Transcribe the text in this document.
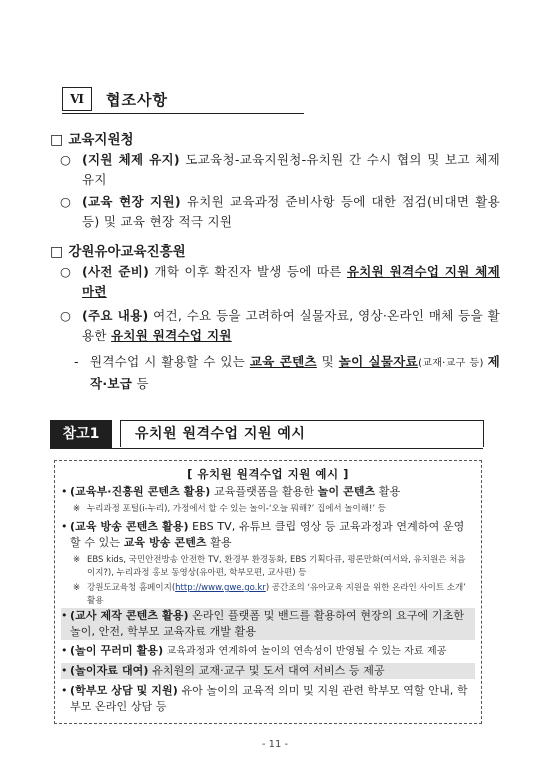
Ⅵ	협조사항
□ 교육지원청
○ (지원 체제 유지) 도교육청-교육지원청-유치원 간 수시 협의 및 보고 체제 유지
○ (교육 현장 지원) 유치원 교육과정 준비사항 등에 대한 점검(비대면 활용 등) 및 교육 현장 적극 지원
□ 강원유아교육진흥원
○ (사전 준비) 개학 이후 확진자 발생 등에 따른 유치원 원격수업 지원 체제 마련
○ (주요 내용) 여건, 수요 등을 고려하여 실물자료, 영상·온라인 매체 등을 활용한 유치원 원격수업 지원
- 원격수업 시 활용할 수 있는 교육 콘텐츠 및 놀이 실물자료(교재·교구 등) 제작·보급 등
참고1	유치원 원격수업 지원 예시
[ 유치원 원격수업 지원 예시 ]
• (교육부·진흥원 콘텐츠 활용) 교육플랫폼을 활용한 놀이 콘텐츠 활용
※ 누리과정 포털(i-누리), 가정에서 할 수 있는 놀이-‘오늘 뭐해?’ 집에서 놀이해!’ 등
• (교육 방송 콘텐츠 활용) EBS TV, 유튜브 클립 영상 등 교육과정과 연계하여 운영할 수 있는 교육 방송 콘텐츠 활용
※ EBS kids, 국민안전방송 안전한 TV, 환경부 환경동화, EBS 기획다큐, 평론만화(여서와, 유치원은 처음이지?), 누리과정 홍보 동영상(유아편, 학부모편, 교사편) 등
※ 강원도교육청 홈페이지(http://www.gwe.go.kr) 공간조의 ‘유아교육 지원을 위한 온라인 사이트 소개’ 활용
• (교사 제작 콘텐츠 활용) 온라인 플랫폼 및 밴드를 활용하여 현장의 요구에 기초한 놀이, 안전, 학부모 교육자료 개발 활용
• (놀이 꾸러미 활용) 교육과정과 연계하여 놀이의 연속성이 반영될 수 있는 자료 제공
• (놀이자료 대여) 유치원의 교재·교구 및 도서 대여 서비스 등 제공
• (학부모 상담 및 지원) 유아 놀이의 교육적 의미 및 지원 관련 학부모 역할 안내, 학부모 온라인 상담 등
- 11 -
